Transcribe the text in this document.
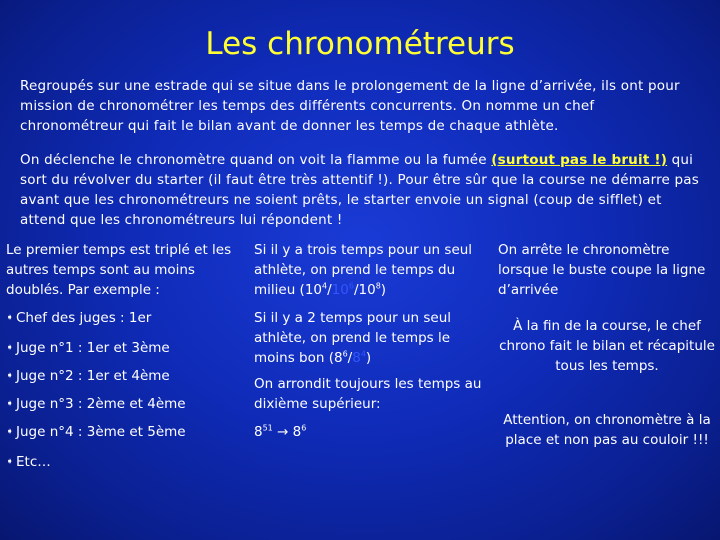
Les chronométreurs
Regroupés sur une estrade qui se situe dans le prolongement de la ligne d’arrivée, ils ont pour mission de chronométrer les temps des différents concurrents. On nomme un chef chronométreur qui fait le bilan avant de donner les temps de chaque athlète.
On déclenche le chronomètre quand on voit la flamme ou la fumée (surtout pas le bruit !) qui sort du révolver du starter (il faut être très attentif !). Pour être sûr que la course ne démarre pas avant que les chronométreurs ne soient prêts, le starter envoie un signal (coup de sifflet) et attend que les chronométreurs lui répondent !
Le premier temps est triplé et les autres temps sont au moins doublés. Par exemple :
➧ Chef des juges : 1er
➧ Juge n°1 : 1er et 3ème
➧ Juge n°2 : 1er et 4ème
➧ Juge n°3 : 2ème et 4ème
➧ Juge n°4 : 3ème et 5ème
➧ Etc…
Si il y a trois temps pour un seul athlète, on prend le temps du milieu $(10^4/10^6/10^8)$
Si il y a 2 temps pour un seul athlète, on prend le temps le moins bon $(8^6/8^4)$
On arrondit toujours les temps au dixième supérieur:
$8^{51} \to 8^6$
On arrête le chronomètre lorsque le buste coupe la ligne d’arrivée
À la fin de la course, le chef chrono fait le bilan et récapitule tous les temps.
Attention, on chronomètre à la place et non pas au couloir !!!
